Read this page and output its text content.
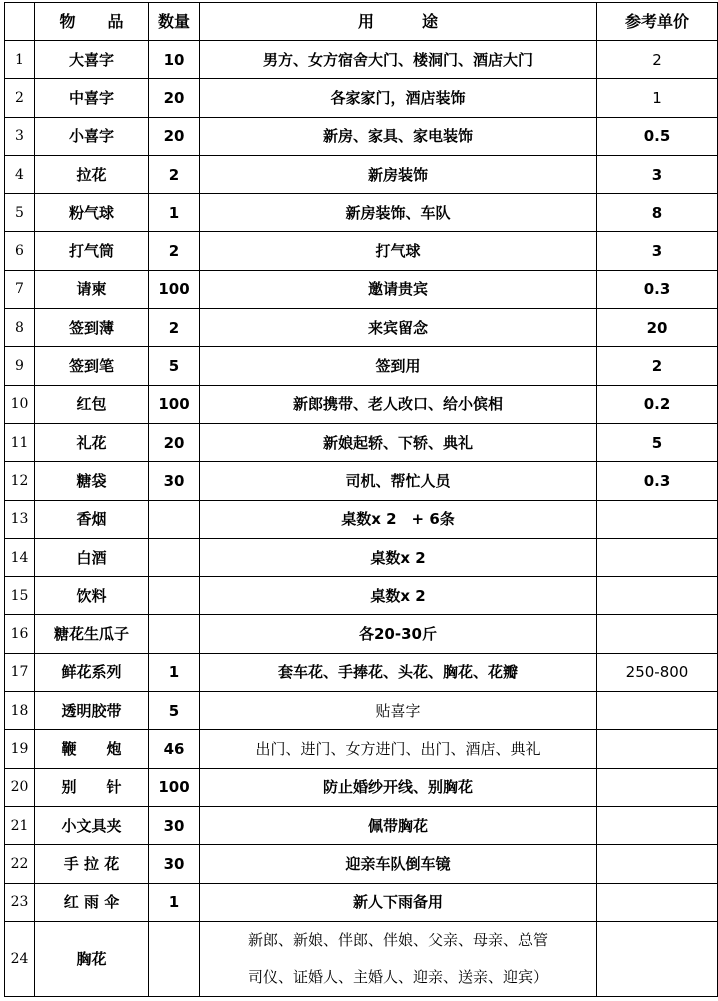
	物　　品	数量	用　　　途	参考单价
1	大喜字	10	男方、女方宿舍大门、楼洞门、酒店大门	2
2	中喜字	20	各家家门，酒店装饰	1
3	小喜字	20	新房、家具、家电装饰	0.5
4	拉花	2	新房装饰	3
5	粉气球	1	新房装饰、车队	8
6	打气筒	2	打气球	3
7	请柬	100	邀请贵宾	0.3
8	签到薄	2	来宾留念	20
9	签到笔	5	签到用	2
10	红包	100	新郎携带、老人改口、给小傧相	0.2
11	礼花	20	新娘起轿、下轿、典礼	5
12	糖袋	30	司机、帮忙人员	0.3
13	香烟		桌数x 2　+ 6条	
14	白酒		桌数x 2	
15	饮料		桌数x 2	
16	糖花生瓜子		各20-30斤	
17	鲜花系列	1	套车花、手捧花、头花、胸花、花瓣	250-800
18	透明胶带	5	贴喜字	
19	鞭　　炮	46	出门、进门、女方进门、出门、酒店、典礼	
20	别　　针	100	防止婚纱开线、别胸花	
21	小文具夹	30	佩带胸花	
22	手 拉 花	30	迎亲车队倒车镜	
23	红 雨 伞	1	新人下雨备用	
24	胸花		新郎、新娘、伴郎、伴娘、父亲、母亲、总管
司仪、证婚人、主婚人、迎亲、送亲、迎宾）	
